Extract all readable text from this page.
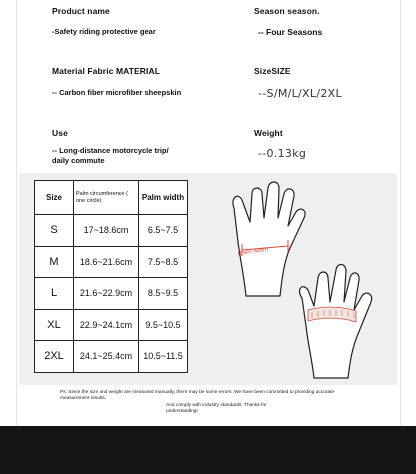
Product name
-Safety riding protective gear
Season season.
-- Four Seasons
Material Fabric MATERIAL
-- Carbon fiber microfiber sheepskin
SizeSIZE
--S/M/L/XL/2XL
Use
-- Long-distance motorcycle trip/
daily commute
Weight
--0.13kg
Size	Palm circumference ( one circle)	Palm width
S	17~18.6cm	6.5~7.5
M	18.6~21.6cm	7.5~8.5
L	21.6~22.9cm	8.5~9.5
XL	22.9~24.1cm	9.5~10.5
2XL	24.1~25.4cm	10.5~11.5
(Palm width)
Ps: Since the size and weight are measured manually, there may be some errors. We have been committed to providing accurate measurement results.
And comply with industry standards. Thanks for understanding!
